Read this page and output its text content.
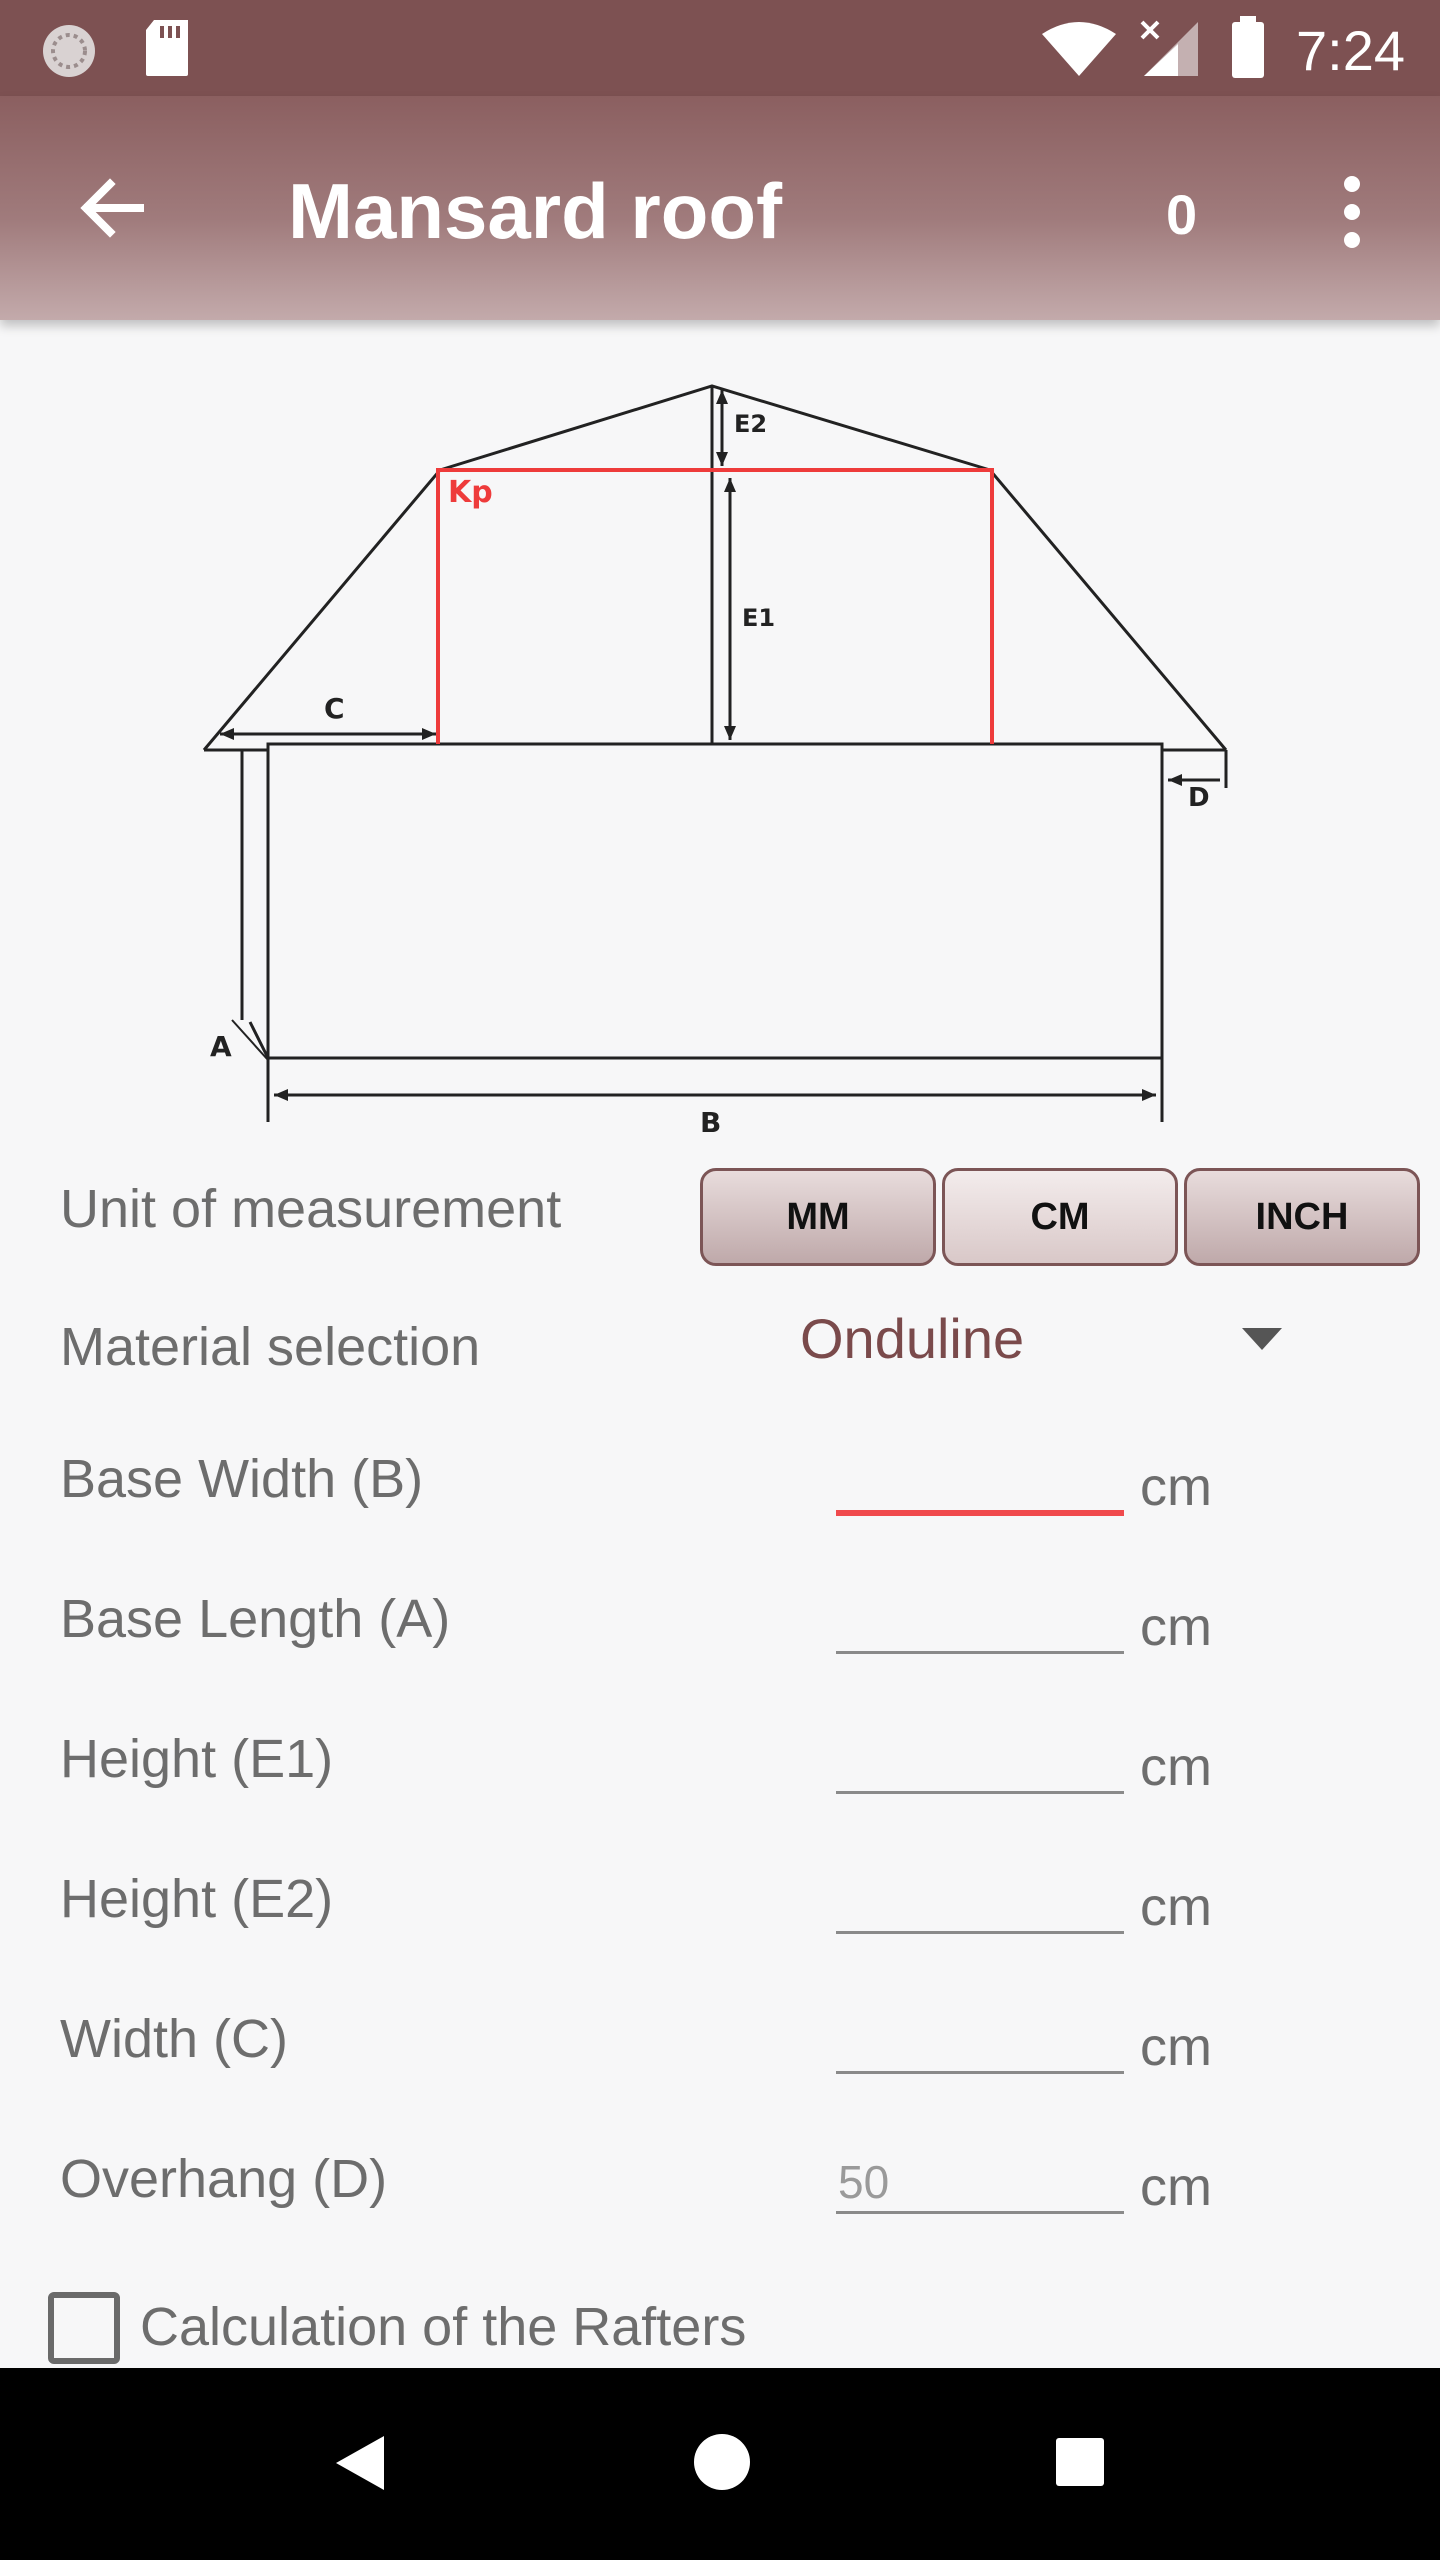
7:24
Mansard roof	0
E2
E1
Kp
C
D
A
B
Unit of measurement	MM	CM	INCH
Material selection	Onduline
Base Width (B)	cm
Base Length (A)	cm
Height (E1)	cm
Height (E2)	cm
Width (C)	cm
Overhang (D)	50	cm
Calculation of the Rafters
